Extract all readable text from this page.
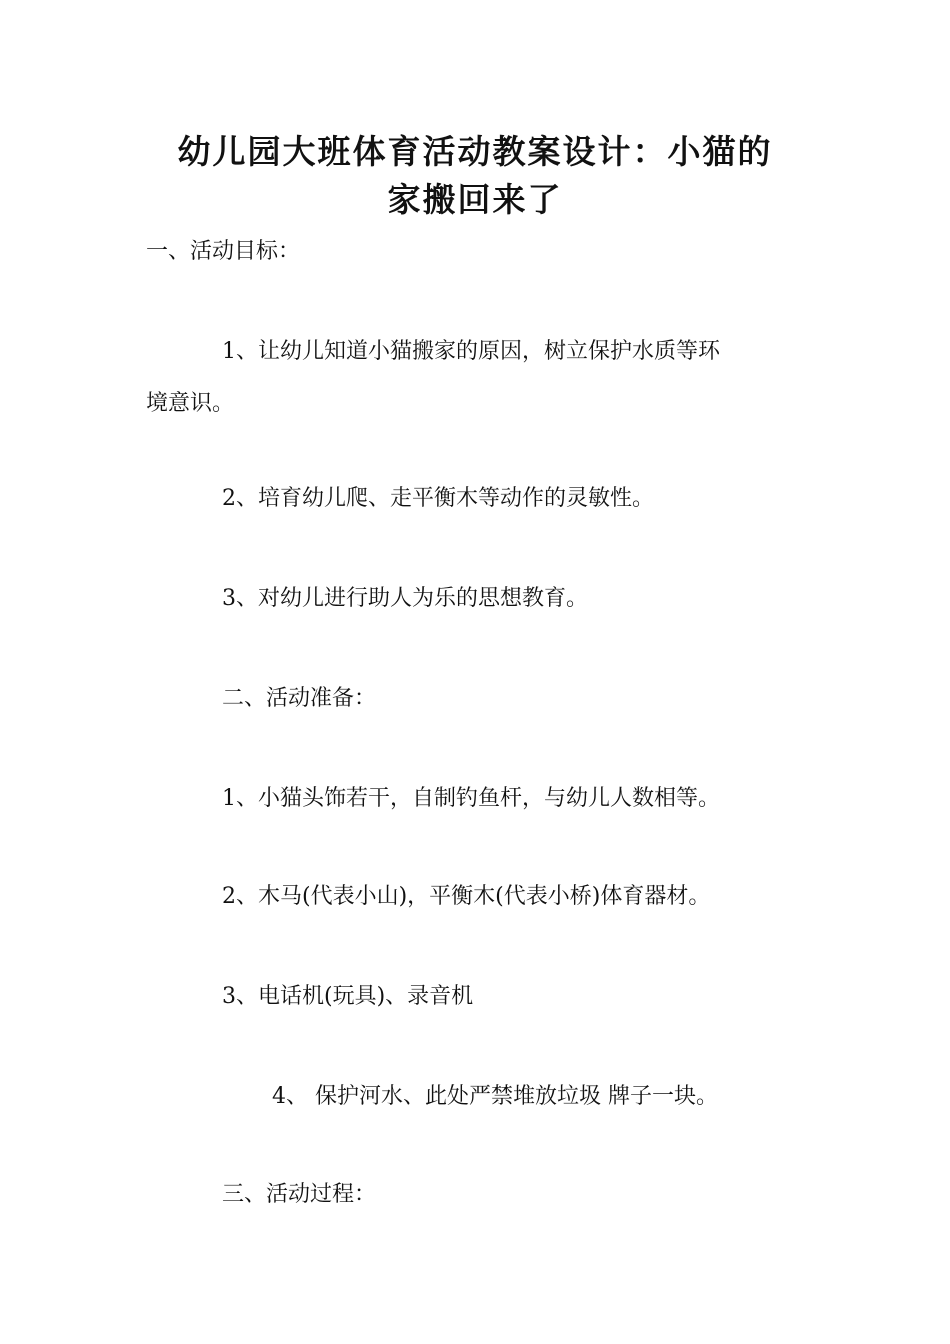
幼儿园大班体育活动教案设计：小猫的
家搬回来了
一、活动目标：
1、让幼儿知道小猫搬家的原因，树立保护水质等环
境意识。
2、培育幼儿爬、走平衡木等动作的灵敏性。
3、对幼儿进行助人为乐的思想教育。
二、活动准备：
1、小猫头饰若干，自制钓鱼杆，与幼儿人数相等。
2、木马(代表小山)，平衡木(代表小桥)体育器材。
3、电话机(玩具)、录音机
4、 保护河水、此处严禁堆放垃圾 牌子一块。
三、活动过程：
